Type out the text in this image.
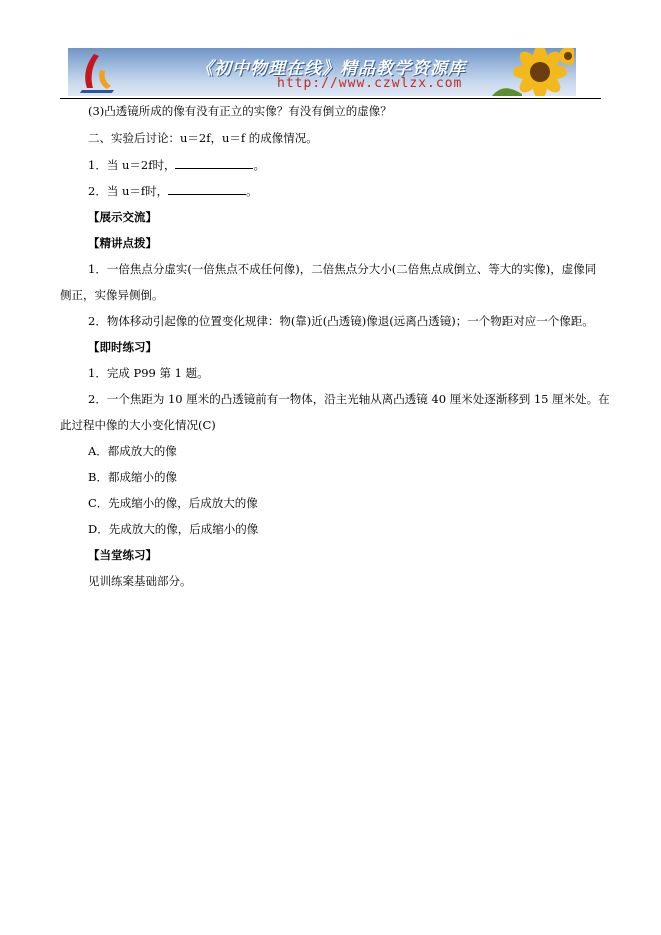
《初中物理在线》精品教学资源库
http://www.czwlzx.com
(3)凸透镜所成的像有没有正立的实像？有没有倒立的虚像？
二、实验后讨论：u＝2f，u＝f 的成像情况。
1．当 u＝2f时，	。
2．当 u＝f时，	。
【展示交流】
【精讲点拨】
1．一倍焦点分虚实(一倍焦点不成任何像)，二倍焦点分大小(二倍焦点成倒立、等大的实像)，虚像同
侧正，实像异侧倒。
2．物体移动引起像的位置变化规律：物(靠)近(凸透镜)像退(远离凸透镜)；一个物距对应一个像距。
【即时练习】
1．完成 P99 第 1 题。
2．一个焦距为 10 厘米的凸透镜前有一物体，沿主光轴从离凸透镜 40 厘米处逐渐移到 15 厘米处。在
此过程中像的大小变化情况(C)
A．都成放大的像
B．都成缩小的像
C．先成缩小的像，后成放大的像
D．先成放大的像，后成缩小的像
【当堂练习】
见训练案基础部分。
